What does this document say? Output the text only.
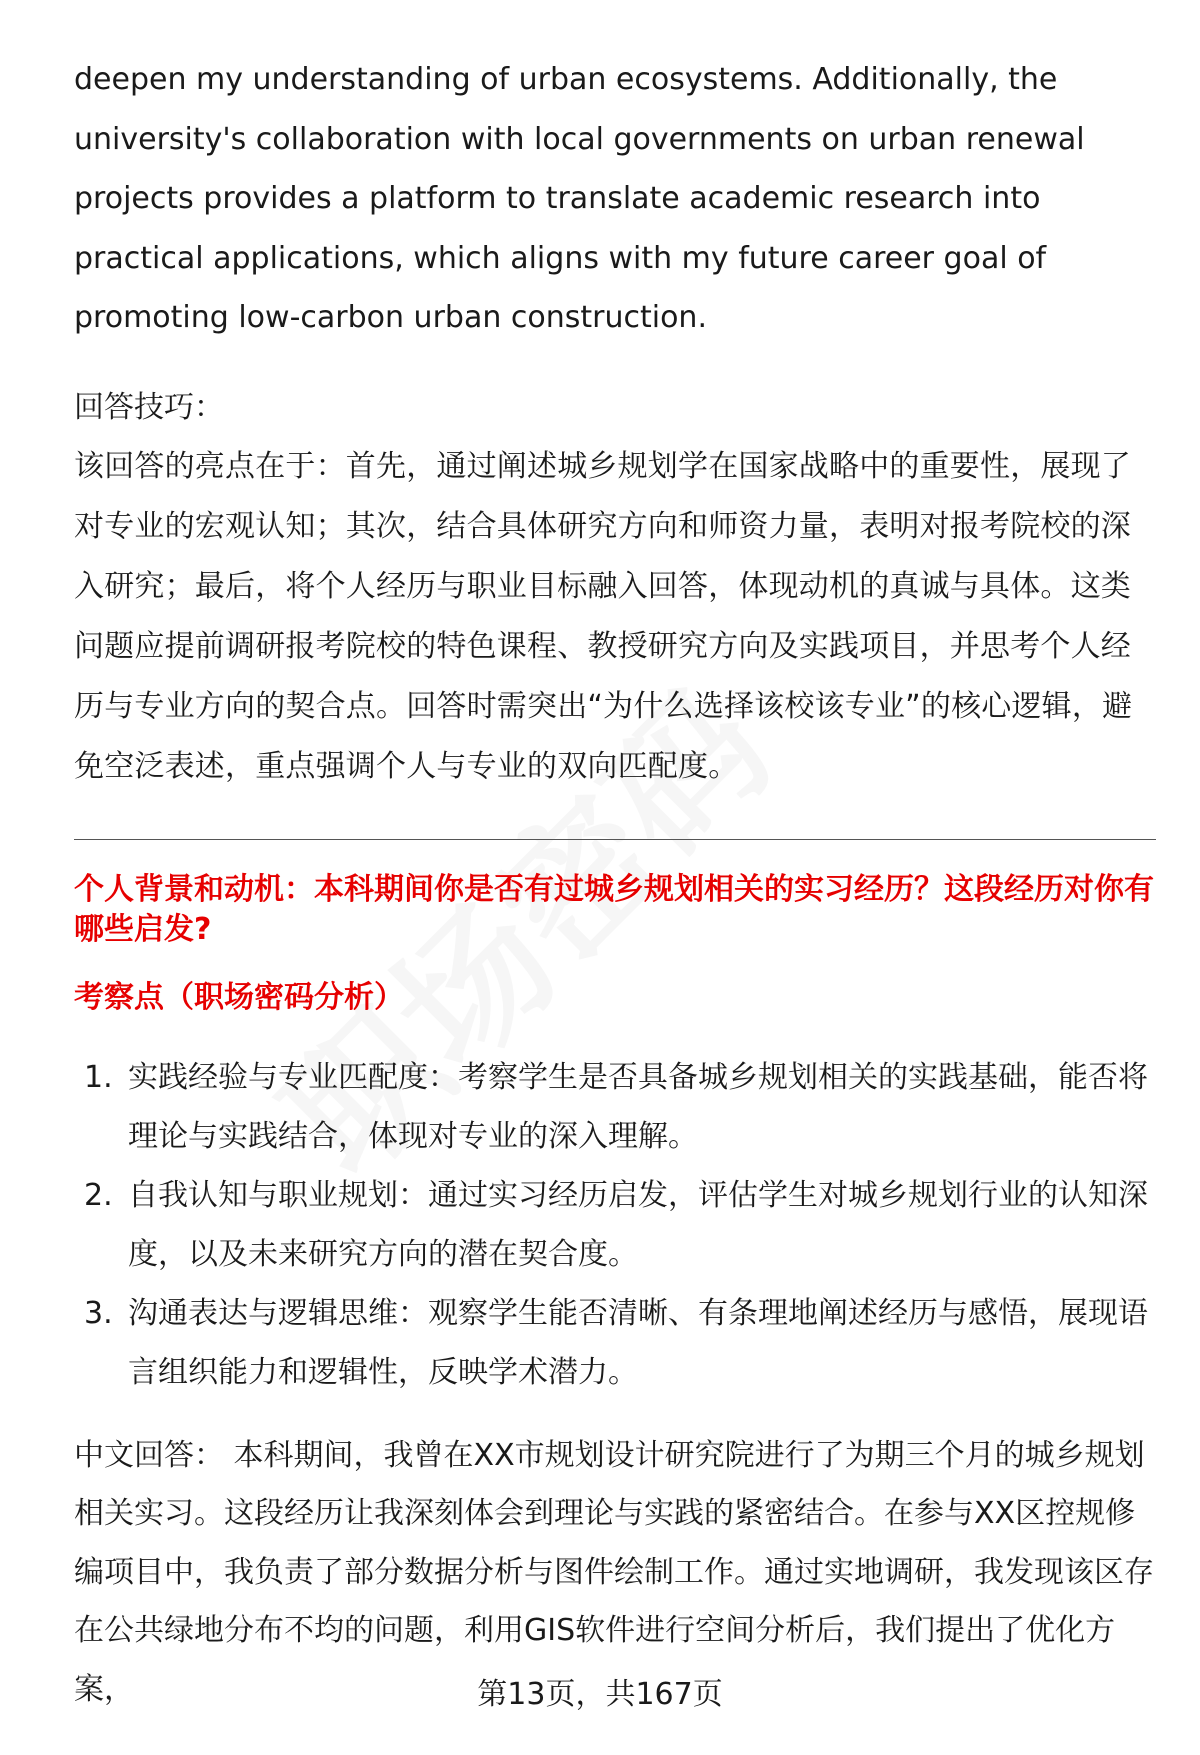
deepen my understanding of urban ecosystems. Additionally, the university's collaboration with local governments on urban renewal projects provides a platform to translate academic research into practical applications, which aligns with my future career goal of promoting low-carbon urban construction.

回答技巧：

该回答的亮点在于：首先，通过阐述城乡规划学在国家战略中的重要性，展现了对专业的宏观认知；其次，结合具体研究方向和师资力量，表明对报考院校的深入研究；最后，将个人经历与职业目标融入回答，体现动机的真诚与具体。这类问题应提前调研报考院校的特色课程、教授研究方向及实践项目，并思考个人经历与专业方向的契合点。回答时需突出“为什么选择该校该专业”的核心逻辑，避免空泛表述，重点强调个人与专业的双向匹配度。

个人背景和动机：本科期间你是否有过城乡规划相关的实习经历？这段经历对你有哪些启发?

考察点（职场密码分析）

1. 实践经验与专业匹配度：考察学生是否具备城乡规划相关的实践基础，能否将理论与实践结合，体现对专业的深入理解。
2. 自我认知与职业规划：通过实习经历启发，评估学生对城乡规划行业的认知深度，以及未来研究方向的潜在契合度。
3. 沟通表达与逻辑思维：观察学生能否清晰、有条理地阐述经历与感悟，展现语言组织能力和逻辑性，反映学术潜力。

中文回答： 本科期间，我曾在XX市规划设计研究院进行了为期三个月的城乡规划相关实习。这段经历让我深刻体会到理论与实践的紧密结合。在参与XX区控规修编项目中，我负责了部分数据分析与图件绘制工作。通过实地调研，我发现该区存在公共绿地分布不均的问题，利用GIS软件进行空间分析后，我们提出了优化方案，	第13页，共167页
